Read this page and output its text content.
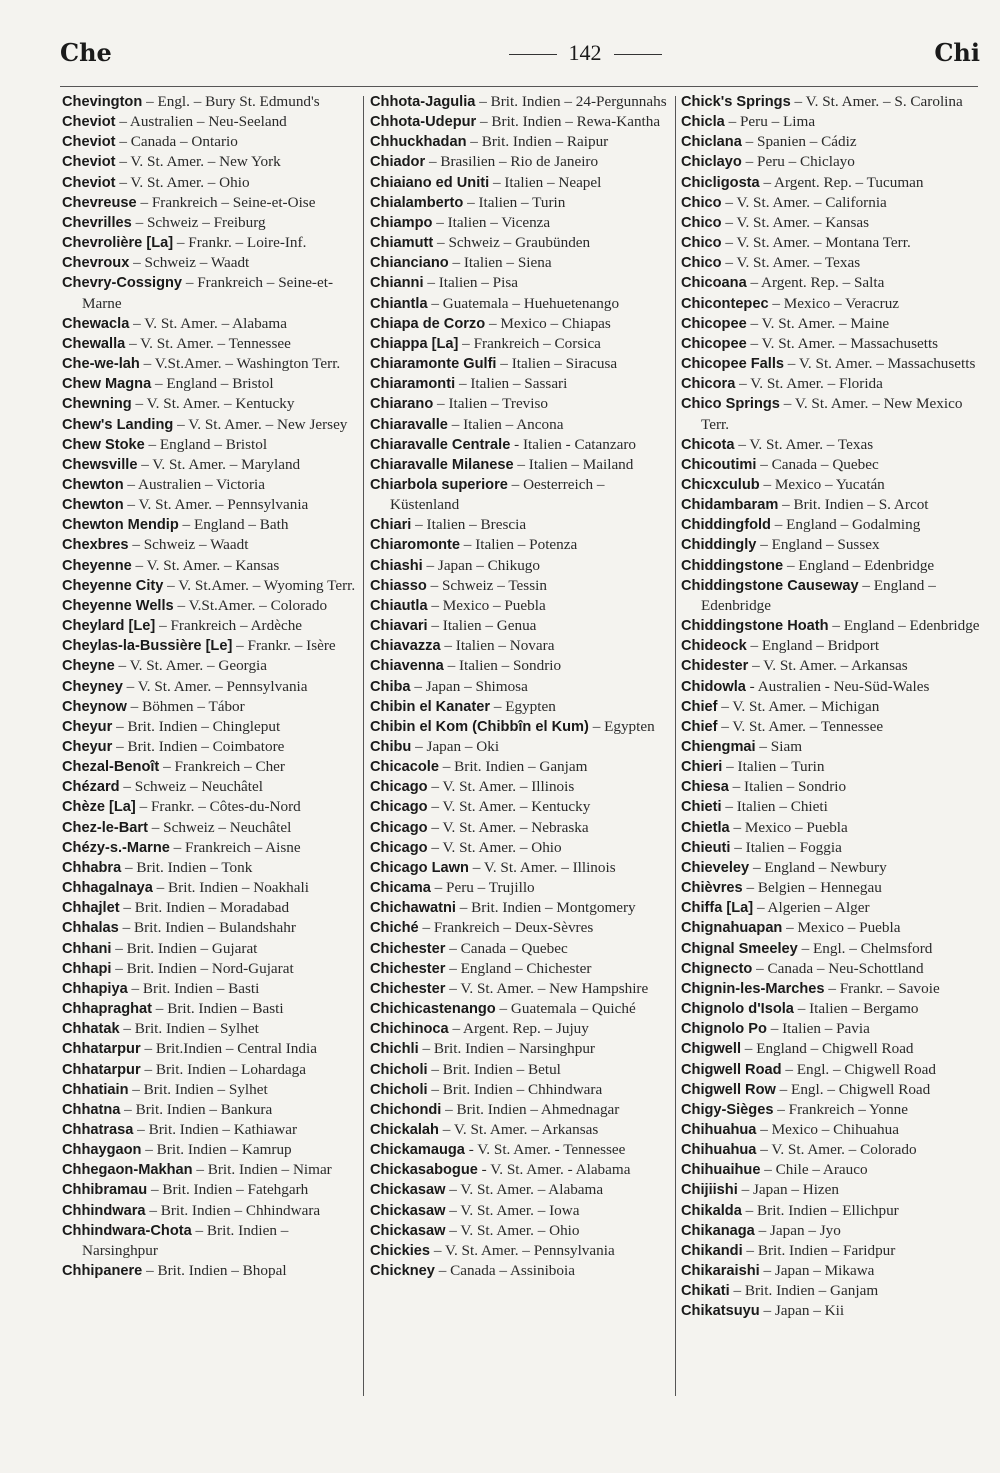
Che	142	Chi
Chevington – Engl. – Bury St. Edmund's
Cheviot – Australien – Neu-Seeland
Cheviot – Canada – Ontario
Cheviot – V. St. Amer. – New York
Cheviot – V. St. Amer. – Ohio
Chevreuse – Frankreich – Seine-et-Oise
Chevrilles – Schweiz – Freiburg
Chevrolière [La] – Frankr. – Loire-Inf.
Chevroux – Schweiz – Waadt
Chevry-Cossigny – Frankreich – Seine-et-Marne
Chewacla – V. St. Amer. – Alabama
Chewalla – V. St. Amer. – Tennessee
Che-we-lah – V.St.Amer. – Washington Terr.
Chew Magna – England – Bristol
Chewning – V. St. Amer. – Kentucky
Chew's Landing – V. St. Amer. – New Jersey
Chew Stoke – England – Bristol
Chewsville – V. St. Amer. – Maryland
Chewton – Australien – Victoria
Chewton – V. St. Amer. – Pennsylvania
Chewton Mendip – England – Bath
Chexbres – Schweiz – Waadt
Cheyenne – V. St. Amer. – Kansas
Cheyenne City – V. St.Amer. – Wyoming Terr.
Cheyenne Wells – V.St.Amer. – Colorado
Cheylard [Le] – Frankreich – Ardèche
Cheylas-la-Bussière [Le] – Frankr. – Isère
Cheyne – V. St. Amer. – Georgia
Cheyney – V. St. Amer. – Pennsylvania
Cheynow – Böhmen – Tábor
Cheyur – Brit. Indien – Chingleput
Cheyur – Brit. Indien – Coimbatore
Chezal-Benoît – Frankreich – Cher
Chézard – Schweiz – Neuchâtel
Chèze [La] – Frankr. – Côtes-du-Nord
Chez-le-Bart – Schweiz – Neuchâtel
Chézy-s.-Marne – Frankreich – Aisne
Chhabra – Brit. Indien – Tonk
Chhagalnaya – Brit. Indien – Noakhali
Chhajlet – Brit. Indien – Moradabad
Chhalas – Brit. Indien – Bulandshahr
Chhani – Brit. Indien – Gujarat
Chhapi – Brit. Indien – Nord-Gujarat
Chhapiya – Brit. Indien – Basti
Chhapraghat – Brit. Indien – Basti
Chhatak – Brit. Indien – Sylhet
Chhatarpur – Brit.Indien – Central India
Chhatarpur – Brit. Indien – Lohardaga
Chhatiain – Brit. Indien – Sylhet
Chhatna – Brit. Indien – Bankura
Chhatrasa – Brit. Indien – Kathiawar
Chhaygaon – Brit. Indien – Kamrup
Chhegaon-Makhan – Brit. Indien – Nimar
Chhibramau – Brit. Indien – Fatehgarh
Chhindwara – Brit. Indien – Chhindwara
Chhindwara-Chota – Brit. Indien – Narsinghpur
Chhipanere – Brit. Indien – Bhopal
Chhota-Jagulia – Brit. Indien – 24-Pergunnahs
Chhota-Udepur – Brit. Indien – Rewa-Kantha
Chhuckhadan – Brit. Indien – Raipur
Chiador – Brasilien – Rio de Janeiro
Chiaiano ed Uniti – Italien – Neapel
Chialamberto – Italien – Turin
Chiampo – Italien – Vicenza
Chiamutt – Schweiz – Graubünden
Chianciano – Italien – Siena
Chianni – Italien – Pisa
Chiantla – Guatemala – Huehuetenango
Chiapa de Corzo – Mexico – Chiapas
Chiappa [La] – Frankreich – Corsica
Chiaramonte Gulfi – Italien – Siracusa
Chiaramonti – Italien – Sassari
Chiarano – Italien – Treviso
Chiaravalle – Italien – Ancona
Chiaravalle Centrale - Italien - Catanzaro
Chiaravalle Milanese – Italien – Mailand
Chiarbola superiore – Oesterreich – Küstenland
Chiari – Italien – Brescia
Chiaromonte – Italien – Potenza
Chiashi – Japan – Chikugo
Chiasso – Schweiz – Tessin
Chiautla – Mexico – Puebla
Chiavari – Italien – Genua
Chiavazza – Italien – Novara
Chiavenna – Italien – Sondrio
Chiba – Japan – Shimosa
Chibin el Kanater – Egypten
Chibin el Kom (Chibbîn el Kum) – Egypten
Chibu – Japan – Oki
Chicacole – Brit. Indien – Ganjam
Chicago – V. St. Amer. – Illinois
Chicago – V. St. Amer. – Kentucky
Chicago – V. St. Amer. – Nebraska
Chicago – V. St. Amer. – Ohio
Chicago Lawn – V. St. Amer. – Illinois
Chicama – Peru – Trujillo
Chichawatni – Brit. Indien – Montgomery
Chiché – Frankreich – Deux-Sèvres
Chichester – Canada – Quebec
Chichester – England – Chichester
Chichester – V. St. Amer. – New Hampshire
Chichicastenango – Guatemala – Quiché
Chichinoca – Argent. Rep. – Jujuy
Chichli – Brit. Indien – Narsinghpur
Chicholi – Brit. Indien – Betul
Chicholi – Brit. Indien – Chhindwara
Chichondi – Brit. Indien – Ahmednagar
Chickalah – V. St. Amer. – Arkansas
Chickamauga - V. St. Amer. - Tennessee
Chickasabogue - V. St. Amer. - Alabama
Chickasaw – V. St. Amer. – Alabama
Chickasaw – V. St. Amer. – Iowa
Chickasaw – V. St. Amer. – Ohio
Chickies – V. St. Amer. – Pennsylvania
Chickney – Canada – Assiniboia
Chick's Springs – V. St. Amer. – S. Carolina
Chicla – Peru – Lima
Chiclana – Spanien – Cádiz
Chiclayo – Peru – Chiclayo
Chicligosta – Argent. Rep. – Tucuman
Chico – V. St. Amer. – California
Chico – V. St. Amer. – Kansas
Chico – V. St. Amer. – Montana Terr.
Chico – V. St. Amer. – Texas
Chicoana – Argent. Rep. – Salta
Chicontepec – Mexico – Veracruz
Chicopee – V. St. Amer. – Maine
Chicopee – V. St. Amer. – Massachusetts
Chicopee Falls – V. St. Amer. – Massachusetts
Chicora – V. St. Amer. – Florida
Chico Springs – V. St. Amer. – New Mexico Terr.
Chicota – V. St. Amer. – Texas
Chicoutimi – Canada – Quebec
Chicxculub – Mexico – Yucatán
Chidambaram – Brit. Indien – S. Arcot
Chiddingfold – England – Godalming
Chiddingly – England – Sussex
Chiddingstone – England – Edenbridge
Chiddingstone Causeway – England – Edenbridge
Chiddingstone Hoath – England – Edenbridge
Chideock – England – Bridport
Chidester – V. St. Amer. – Arkansas
Chidowla - Australien - Neu-Süd-Wales
Chief – V. St. Amer. – Michigan
Chief – V. St. Amer. – Tennessee
Chiengmai – Siam
Chieri – Italien – Turin
Chiesa – Italien – Sondrio
Chieti – Italien – Chieti
Chietla – Mexico – Puebla
Chieuti – Italien – Foggia
Chieveley – England – Newbury
Chièvres – Belgien – Hennegau
Chiffa [La] – Algerien – Alger
Chignahuapan – Mexico – Puebla
Chignal Smeeley – Engl. – Chelmsford
Chignecto – Canada – Neu-Schottland
Chignin-les-Marches – Frankr. – Savoie
Chignolo d'Isola – Italien – Bergamo
Chignolo Po – Italien – Pavia
Chigwell – England – Chigwell Road
Chigwell Road – Engl. – Chigwell Road
Chigwell Row – Engl. – Chigwell Road
Chigy-Sièges – Frankreich – Yonne
Chihuahua – Mexico – Chihuahua
Chihuahua – V. St. Amer. – Colorado
Chihuaihue – Chile – Arauco
Chijiishi – Japan – Hizen
Chikalda – Brit. Indien – Ellichpur
Chikanaga – Japan – Jyo
Chikandi – Brit. Indien – Faridpur
Chikaraishi – Japan – Mikawa
Chikati – Brit. Indien – Ganjam
Chikatsuyu – Japan – Kii
